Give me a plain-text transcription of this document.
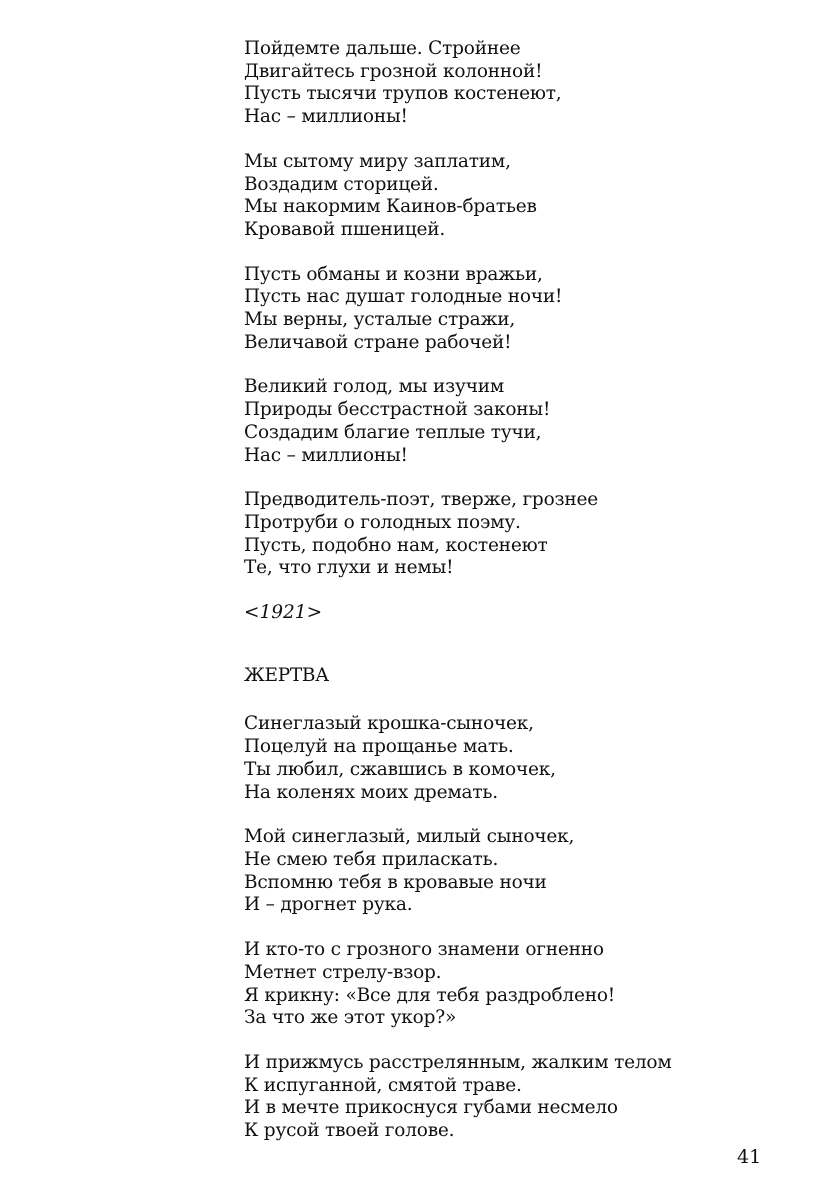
Пойдемте дальше. Стройнее
Двигайтесь грозной колонной!
Пусть тысячи трупов костенеют,
Нас – миллионы!
Мы сытому миру заплатим,
Воздадим сторицей.
Мы накормим Каинов-братьев
Кровавой пшеницей.
Пусть обманы и козни вражьи,
Пусть нас душат голодные ночи!
Мы верны, усталые стражи,
Величавой стране рабочей!
Великий голод, мы изучим
Природы бесстрастной законы!
Создадим благие теплые тучи,
Нас – миллионы!
Предводитель-поэт, тверже, грознее
Протруби о голодных поэму.
Пусть, подобно нам, костенеют
Те, что глухи и немы!
<1921>
ЖЕРТВА
Синеглазый крошка-сыночек,
Поцелуй на прощанье мать.
Ты любил, сжавшись в комочек,
На коленях моих дремать.
Мой синеглазый, милый сыночек,
Не смею тебя приласкать.
Вспомню тебя в кровавые ночи
И – дрогнет рука.
И кто-то с грозного знамени огненно
Метнет стрелу-взор.
Я крикну: «Все для тебя раздроблено!
За что же этот укор?»
И прижмусь расстрелянным, жалким телом
К испуганной, смятой траве.
И в мечте прикоснуся губами несмело
К русой твоей голове.
41
